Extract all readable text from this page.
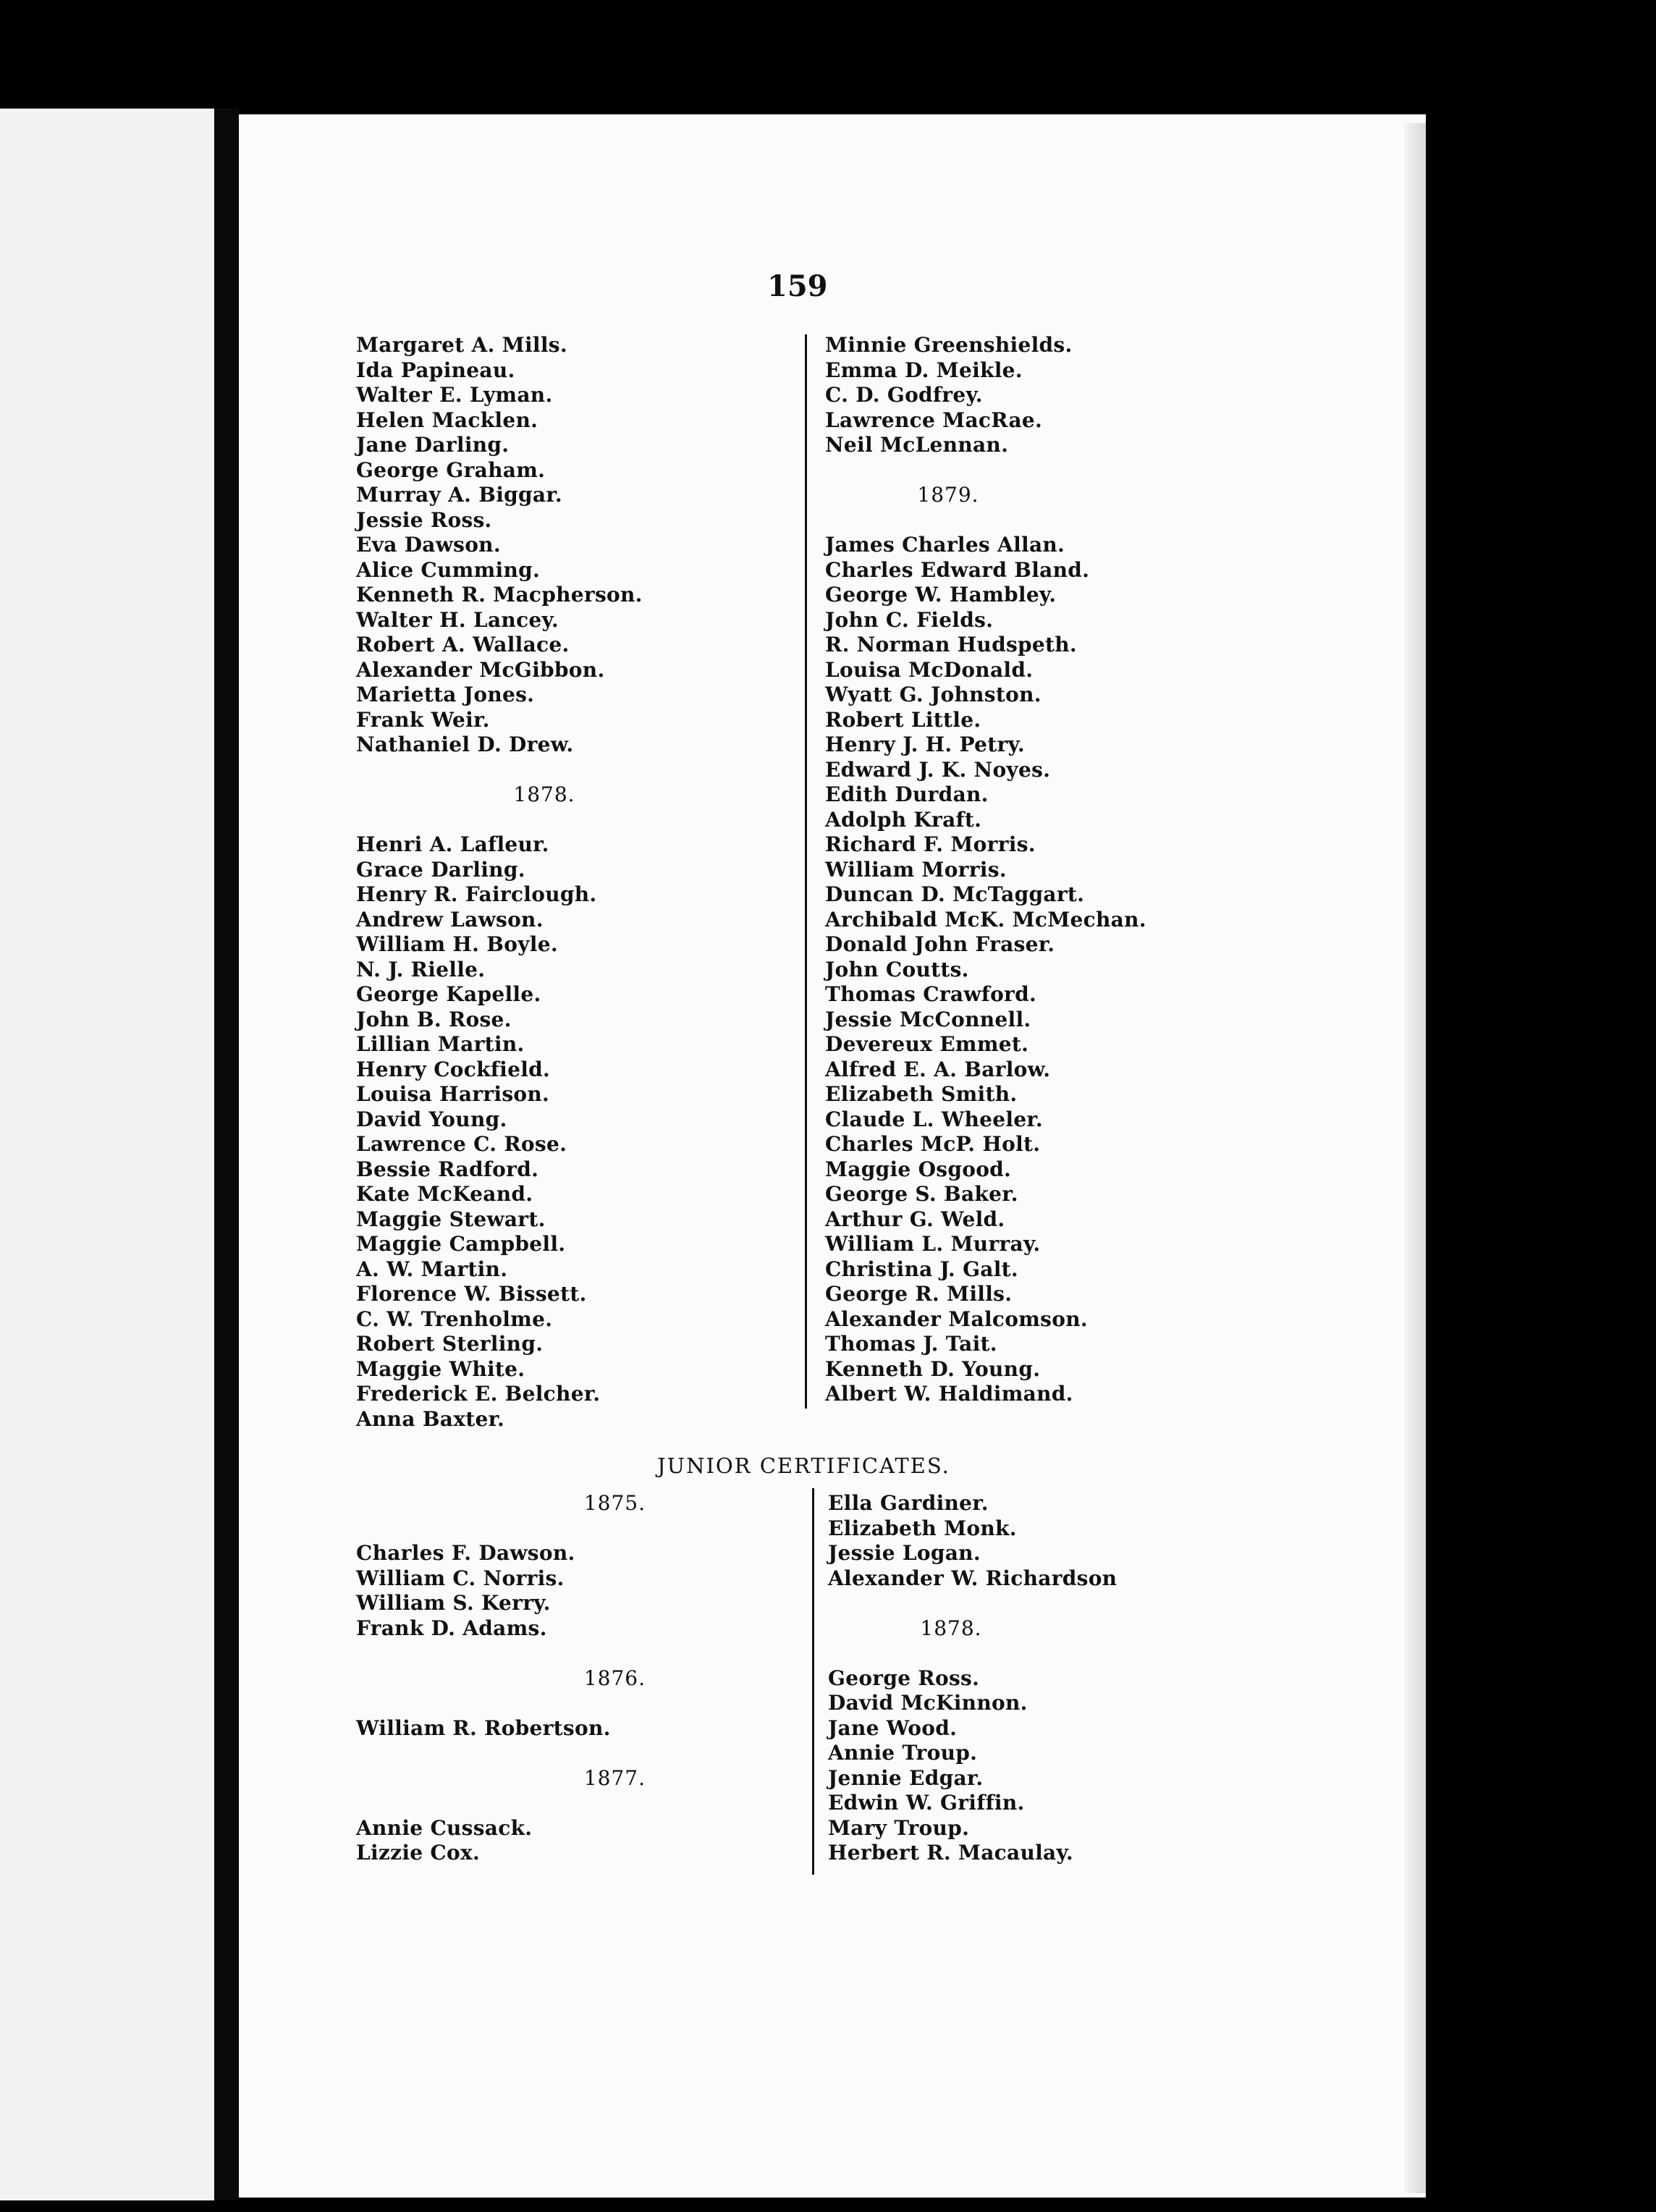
159
Margaret A. Mills.
Ida Papineau.
Walter E. Lyman.
Helen Macklen.
Jane Darling.
George Graham.
Murray A. Biggar.
Jessie Ross.
Eva Dawson.
Alice Cumming.
Kenneth R. Macpherson.
Walter H. Lancey.
Robert A. Wallace.
Alexander McGibbon.
Marietta Jones.
Frank Weir.
Nathaniel D. Drew.
1878.
Henri A. Lafleur.
Grace Darling.
Henry R. Fairclough.
Andrew Lawson.
William H. Boyle.
N. J. Rielle.
George Kapelle.
John B. Rose.
Lillian Martin.
Henry Cockfield.
Louisa Harrison.
David Young.
Lawrence C. Rose.
Bessie Radford.
Kate McKeand.
Maggie Stewart.
Maggie Campbell.
A. W. Martin.
Florence W. Bissett.
C. W. Trenholme.
Robert Sterling.
Maggie White.
Frederick E. Belcher.
Anna Baxter.
Minnie Greenshields.
Emma D. Meikle.
C. D. Godfrey.
Lawrence MacRae.
Neil McLennan.
1879.
James Charles Allan.
Charles Edward Bland.
George W. Hambley.
John C. Fields.
R. Norman Hudspeth.
Louisa McDonald.
Wyatt G. Johnston.
Robert Little.
Henry J. H. Petry.
Edward J. K. Noyes.
Edith Durdan.
Adolph Kraft.
Richard F. Morris.
William Morris.
Duncan D. McTaggart.
Archibald McK. McMechan.
Donald John Fraser.
John Coutts.
Thomas Crawford.
Jessie McConnell.
Devereux Emmet.
Alfred E. A. Barlow.
Elizabeth Smith.
Claude L. Wheeler.
Charles McP. Holt.
Maggie Osgood.
George S. Baker.
Arthur G. Weld.
William L. Murray.
Christina J. Galt.
George R. Mills.
Alexander Malcomson.
Thomas J. Tait.
Kenneth D. Young.
Albert W. Haldimand.
JUNIOR CERTIFICATES.
1875.
Charles F. Dawson.
William C. Norris.
William S. Kerry.
Frank D. Adams.
1876.
William R. Robertson.
1877.
Annie Cussack.
Lizzie Cox.
Ella Gardiner.
Elizabeth Monk.
Jessie Logan.
Alexander W. Richardson
1878.
George Ross.
David McKinnon.
Jane Wood.
Annie Troup.
Jennie Edgar.
Edwin W. Griffin.
Mary Troup.
Herbert R. Macaulay.
